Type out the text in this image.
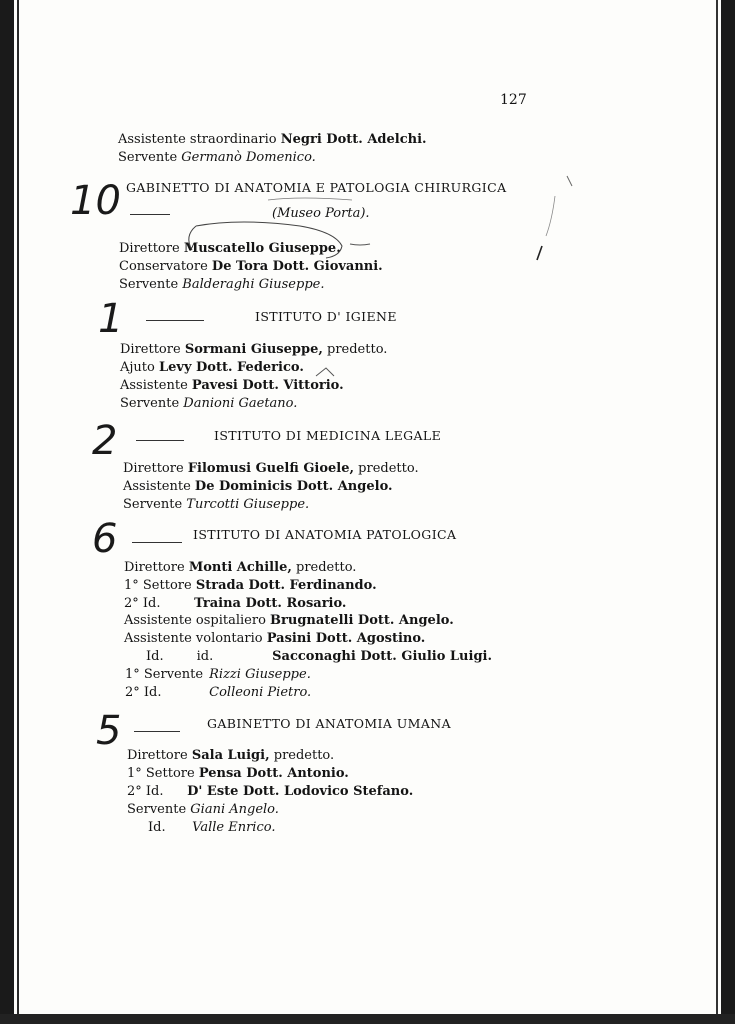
127
Assistente straordinario Negri Dott. Adelchi.
Servente Germanò Domenico.
10 GABINETTO DI ANATOMIA E PATOLOGIA CHIRURGICA
(Museo Porta).
Direttore Muscatello Giuseppe.
Conservatore De Tora Dott. Giovanni.
Servente Balderaghi Giuseppe.
1	ISTITUTO D' IGIENE
Direttore Sormani Giuseppe, predetto.
Ajuto Levy Dott. Federico.
Assistente Pavesi Dott. Vittorio.
Servente Danioni Gaetano.
2	ISTITUTO DI MEDICINA LEGALE
Direttore Filomusi Guelfi Gioele, predetto.
Assistente De Dominicis Dott. Angelo.
Servente Turcotti Giuseppe.
6	ISTITUTO DI ANATOMIA PATOLOGICA
Direttore Monti Achille, predetto.
1° Settore Strada Dott. Ferdinando.
2° Id.	Traina Dott. Rosario.
Assistente ospitaliero Brugnatelli Dott. Angelo.
Assistente volontario Pasini Dott. Agostino.
Id.        id.	Sacconaghi Dott. Giulio Luigi.
1° Servente Rizzi Giuseppe.
2° Id.	Colleoni Pietro.
5	GABINETTO DI ANATOMIA UMANA
Direttore Sala Luigi, predetto.
1° Settore Pensa Dott. Antonio.
2° Id. D' Este Dott. Lodovico Stefano.
Servente Giani Angelo.
Id. Valle Enrico.
